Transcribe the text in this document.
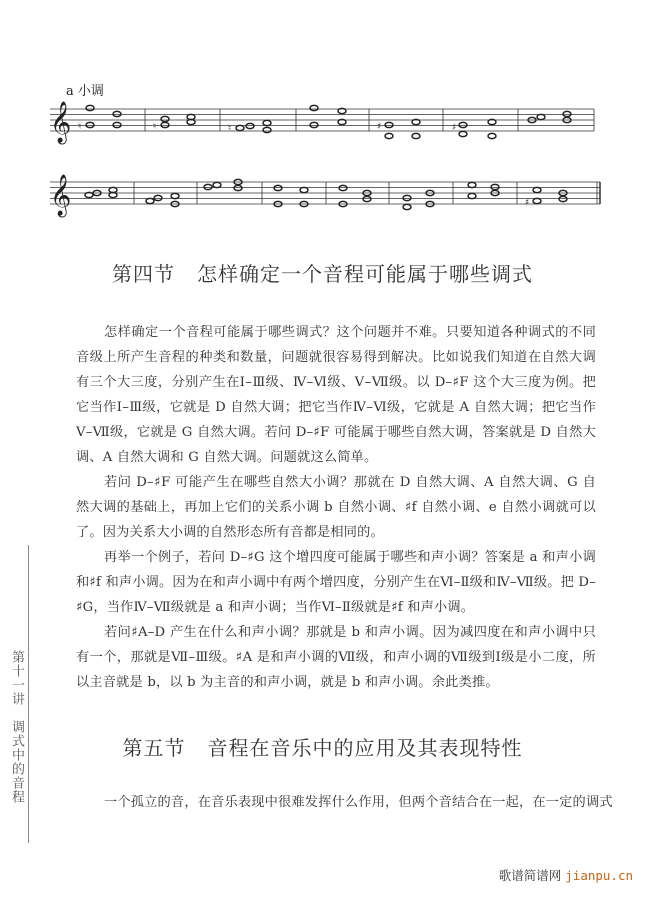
a 小调
𝄞 ♮	♮	♮	♯	♯
𝄞	♯
第四节 怎样确定一个音程可能属于哪些调式
怎样确定一个音程可能属于哪些调式？这个问题并不难。只要知道各种调式的不同音级上所产生音程的种类和数量，问题就很容易得到解决。比如说我们知道在自然大调有三个大三度，分别产生在Ⅰ–Ⅲ级、Ⅳ–Ⅵ级、Ⅴ–Ⅶ级。以 D–♯F 这个大三度为例。把它当作Ⅰ–Ⅲ级，它就是 D 自然大调；把它当作Ⅳ–Ⅵ级，它就是 A 自然大调；把它当作Ⅴ–Ⅶ级，它就是 G 自然大调。若问 D–♯F 可能属于哪些自然大调，答案就是 D 自然大调、A 自然大调和 G 自然大调。问题就这么简单。
若问 D–♯F 可能产生在哪些自然大小调？那就在 D 自然大调、A 自然大调、G 自然大调的基础上，再加上它们的关系小调 b 自然小调、♯f 自然小调、e 自然小调就可以了。因为关系大小调的自然形态所有音都是相同的。
再举一个例子，若问 D–♯G 这个增四度可能属于哪些和声小调？答案是 a 和声小调和♯f 和声小调。因为在和声小调中有两个增四度，分别产生在Ⅵ–Ⅱ级和Ⅳ–Ⅶ级。把 D–♯G，当作Ⅳ–Ⅶ级就是 a 和声小调；当作Ⅵ–Ⅱ级就是♯f 和声小调。
若问♯A–D 产生在什么和声小调？那就是 b 和声小调。因为减四度在和声小调中只有一个，那就是Ⅶ–Ⅲ级。♯A 是和声小调的Ⅶ级，和声小调的Ⅶ级到Ⅰ级是小二度，所以主音就是 b，以 b 为主音的和声小调，就是 b 和声小调。余此类推。
第五节 音程在音乐中的应用及其表现特性
一个孤立的音，在音乐表现中很难发挥什么作用，但两个音结合在一起，在一定的调式
第十一讲调式中的音程
歌谱简谱网 jianpu.cn
